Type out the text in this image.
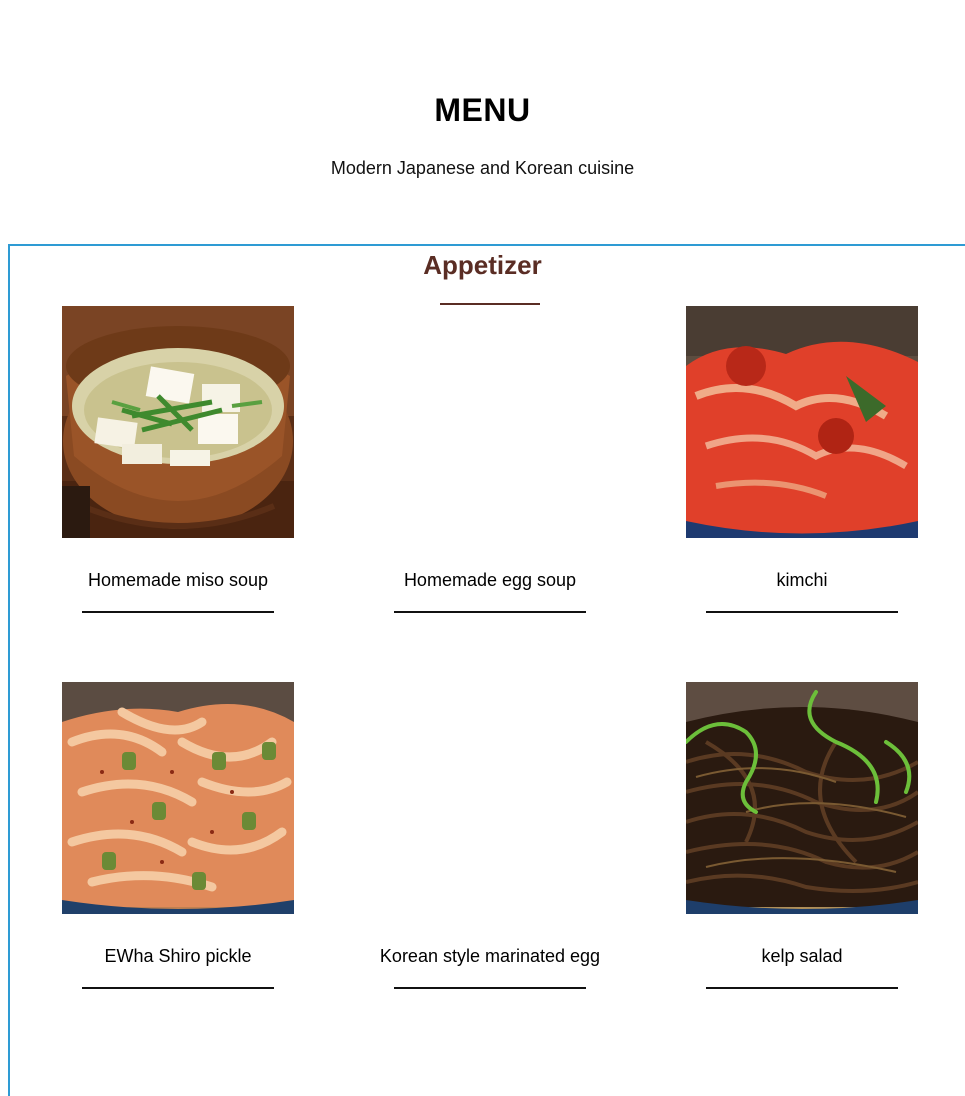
MENU

Modern Japanese and Korean cuisine

Appetizer
Homemade miso soup	Homemade egg soup	kimchi
EWha Shiro pickle	Korean style marinated egg	kelp salad
